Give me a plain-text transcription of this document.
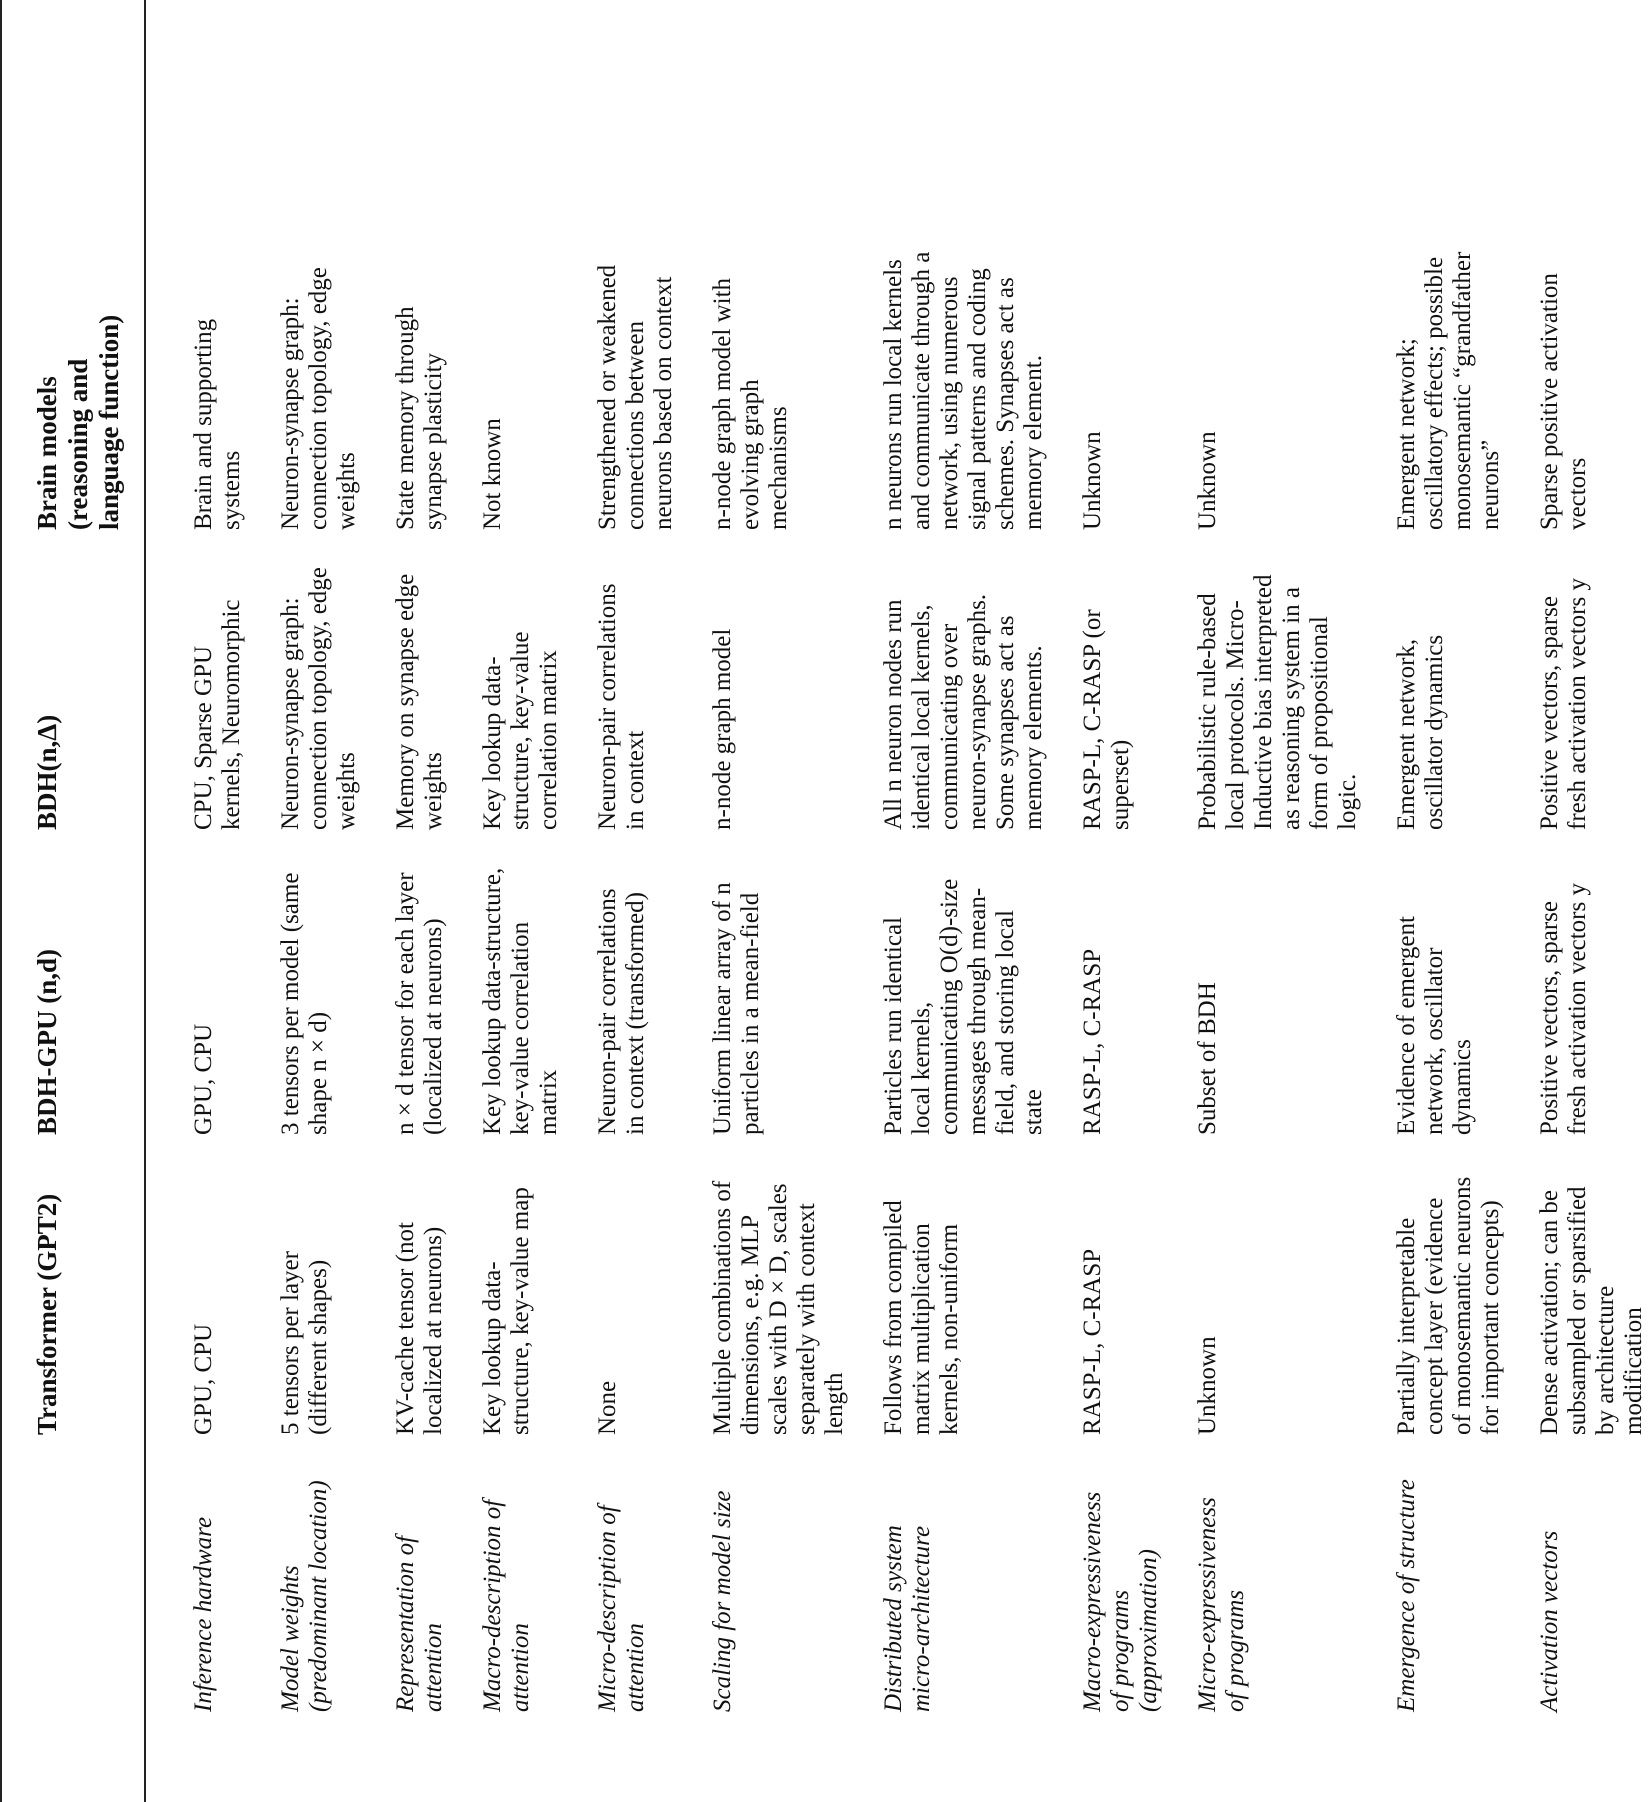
	Transformer (GPT2)	BDH-GPU (n,d)	BDH(n,Δ)	Brain models (reasoning and language function)	
Inference hardware	GPU, CPU	GPU, CPU	CPU, Sparse GPU kernels, Neuromorphic	Brain and supporting systems	
Model weights (predominant location)	5 tensors per layer (different shapes)	3 tensors per model (same shape n × d)	Neuron-synapse graph: connection topology, edge weights	Neuron-synapse graph: connection topology, edge weights	
Representation of attention	KV-cache tensor (not localized at neurons)	n × d tensor for each layer (localized at neurons)	Memory on synapse edge weights	State memory through synapse plasticity	
Macro-description of attention	Key lookup data-structure, key-value map	Key lookup data-structure, key-value correlation matrix	Key lookup data-structure, key-value correlation matrix	Not known	
Micro-description of attention	None	Neuron-pair correlations in context (transformed)	Neuron-pair correlations in context	Strengthened or weakened connections between neurons based on context	
Scaling for model size	Multiple combinations of dimensions, e.g. MLP scales with D × D, scales separately with context length	Uniform linear array of n particles in a mean-field	n-node graph model	n-node graph model with evolving graph mechanisms	
Distributed system micro-architecture	Follows from compiled matrix multiplication kernels, non-uniform	Particles run identical local kernels, communicating O(d)-size messages through mean-field, and storing local state	All n neuron nodes run identical local kernels, communicating over neuron-synapse graphs. Some synapses act as memory elements.	n neurons run local kernels and communicate through a network, using numerous signal patterns and coding schemes. Synapses act as memory element.	
Macro-expressiveness of programs (approximation)	RASP-L, C-RASP	RASP-L, C-RASP	RASP-L, C-RASP (or superset)	Unknown	
Micro-expressiveness of programs	Unknown	Subset of BDH	Probabilistic rule-based local protocols. Micro-Inductive bias interpreted as reasoning system in a form of propositional logic.	Unknown	
Emergence of structure	Partially interpretable concept layer (evidence of monosemantic neurons for important concepts)	Evidence of emergent network, oscillator dynamics	Emergent network, oscillator dynamics	Emergent network; oscillatory effects; possible monosemantic “grandfather neurons”	
Activation vectors	Dense activation; can be subsampled or sparsified by architecture modification	Positive vectors, sparse fresh activation vectors y	Positive vectors, sparse fresh activation vectors y	Sparse positive activation vectors	
